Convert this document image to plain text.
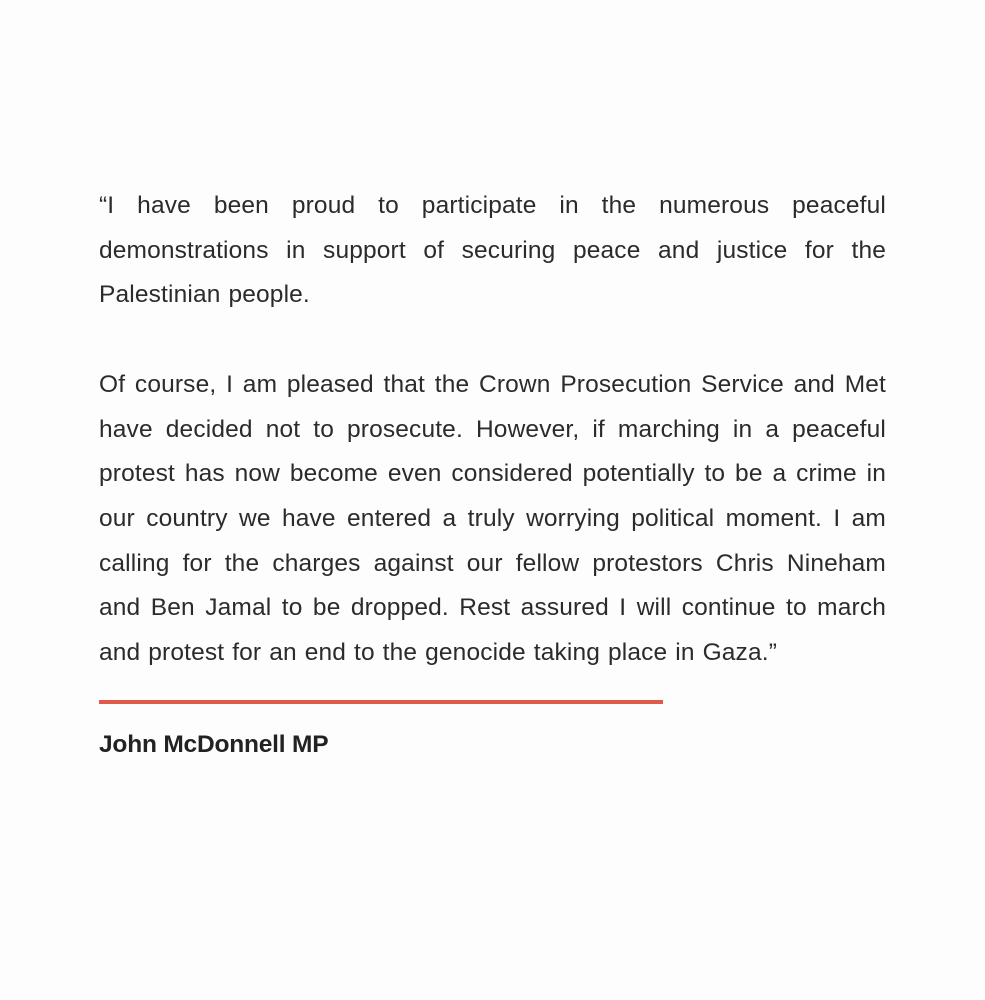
“I have been proud to participate in the numerous peaceful demonstrations in support of securing peace and justice for the Palestinian people.

Of course, I am pleased that the Crown Prosecution Service and Met have decided not to prosecute. However, if marching in a peaceful protest has now become even considered potentially to be a crime in our country we have entered a truly worrying political moment. I am calling for the charges against our fellow protestors Chris Nineham and Ben Jamal to be dropped. Rest assured I will continue to march and protest for an end to the genocide taking place in Gaza.”

John McDonnell MP
